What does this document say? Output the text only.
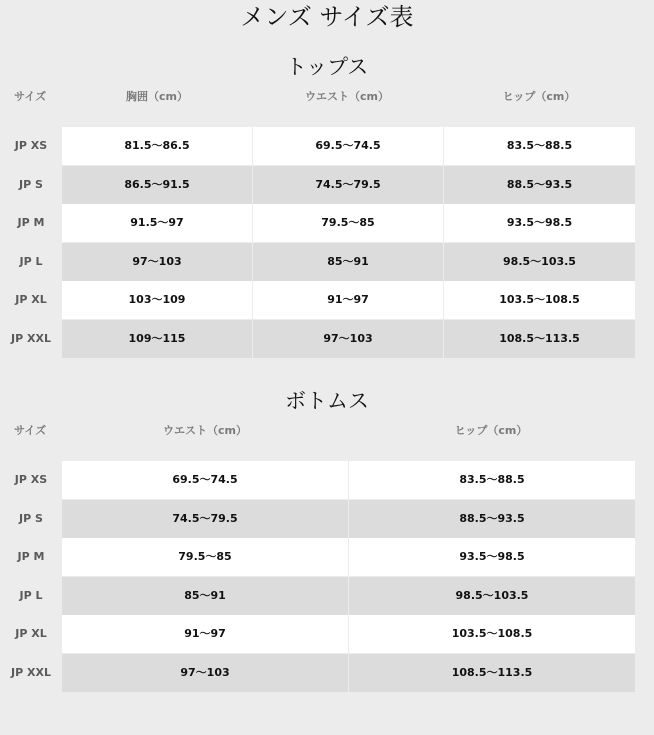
メンズ サイズ表
トップス
サイズ	胸囲（cm）	ウエスト（cm）	ヒップ（cm）
JP XS	81.5〜86.5	69.5〜74.5	83.5〜88.5
JP S	86.5〜91.5	74.5〜79.5	88.5〜93.5
JP M	91.5〜97	79.5〜85	93.5〜98.5
JP L	97〜103	85〜91	98.5〜103.5
JP XL	103〜109	91〜97	103.5〜108.5
JP XXL	109〜115	97〜103	108.5〜113.5
ボトムス
サイズ	ウエスト（cm）	ヒップ（cm）
JP XS	69.5〜74.5	83.5〜88.5
JP S	74.5〜79.5	88.5〜93.5
JP M	79.5〜85	93.5〜98.5
JP L	85〜91	98.5〜103.5
JP XL	91〜97	103.5〜108.5
JP XXL	97〜103	108.5〜113.5
